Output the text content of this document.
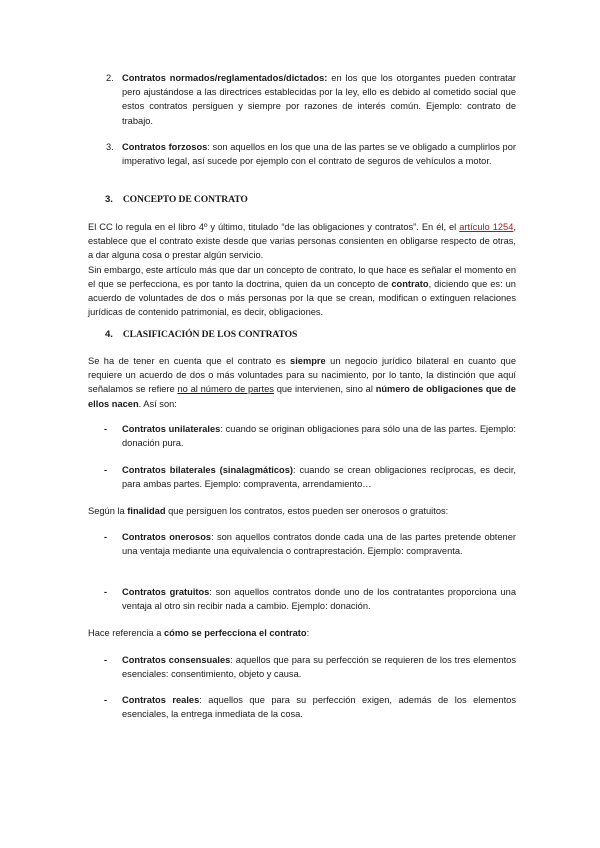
2. Contratos normados/reglamentados/dictados: en los que los otorgantes pueden contratar pero ajustándose a las directrices establecidas por la ley, ello es debido al cometido social que estos contratos persiguen y siempre por razones de interés común. Ejemplo: contrato de trabajo.

3. Contratos forzosos: son aquellos en los que una de las partes se ve obligado a cumplirlos por imperativo legal, así sucede por ejemplo con el contrato de seguros de vehículos a motor.

3. CONCEPTO DE CONTRATO

El CC lo regula en el libro 4º y último, titulado “de las obligaciones y contratos”. En él, el artículo 1254, establece que el contrato existe desde que varias personas consienten en obligarse respecto de otras, a dar alguna cosa o prestar algún servicio.

Sin embargo, este artículo más que dar un concepto de contrato, lo que hace es señalar el momento en el que se perfecciona, es por tanto la doctrina, quien da un concepto de contrato, diciendo que es: un acuerdo de voluntades de dos o más personas por la que se crean, modifican o extinguen relaciones jurídicas de contenido patrimonial, es decir, obligaciones.

4. CLASIFICACIÓN DE LOS CONTRATOS

Se ha de tener en cuenta que el contrato es siempre un negocio jurídico bilateral en cuanto que requiere un acuerdo de dos o más voluntades para su nacimiento, por lo tanto, la distinción que aquí señalamos se refiere no al número de partes que intervienen, sino al número de obligaciones que de ellos nacen. Así son:

- Contratos unilaterales: cuando se originan obligaciones para sólo una de las partes. Ejemplo: donación pura.

- Contratos bilaterales (sinalagmáticos): cuando se crean obligaciones recíprocas, es decir, para ambas partes. Ejemplo: compraventa, arrendamiento…

Según la finalidad que persiguen los contratos, estos pueden ser onerosos o gratuitos:

- Contratos onerosos: son aquellos contratos donde cada una de las partes pretende obtener una ventaja mediante una equivalencia o contraprestación. Ejemplo: compraventa.

- Contratos gratuitos: son aquellos contratos donde uno de los contratantes proporciona una ventaja al otro sin recibir nada a cambio. Ejemplo: donación.

Hace referencia a cómo se perfecciona el contrato:

- Contratos consensuales: aquellos que para su perfección se requieren de los tres elementos esenciales: consentimiento, objeto y causa.

- Contratos reales: aquellos que para su perfección exigen, además de los elementos esenciales, la entrega inmediata de la cosa.
